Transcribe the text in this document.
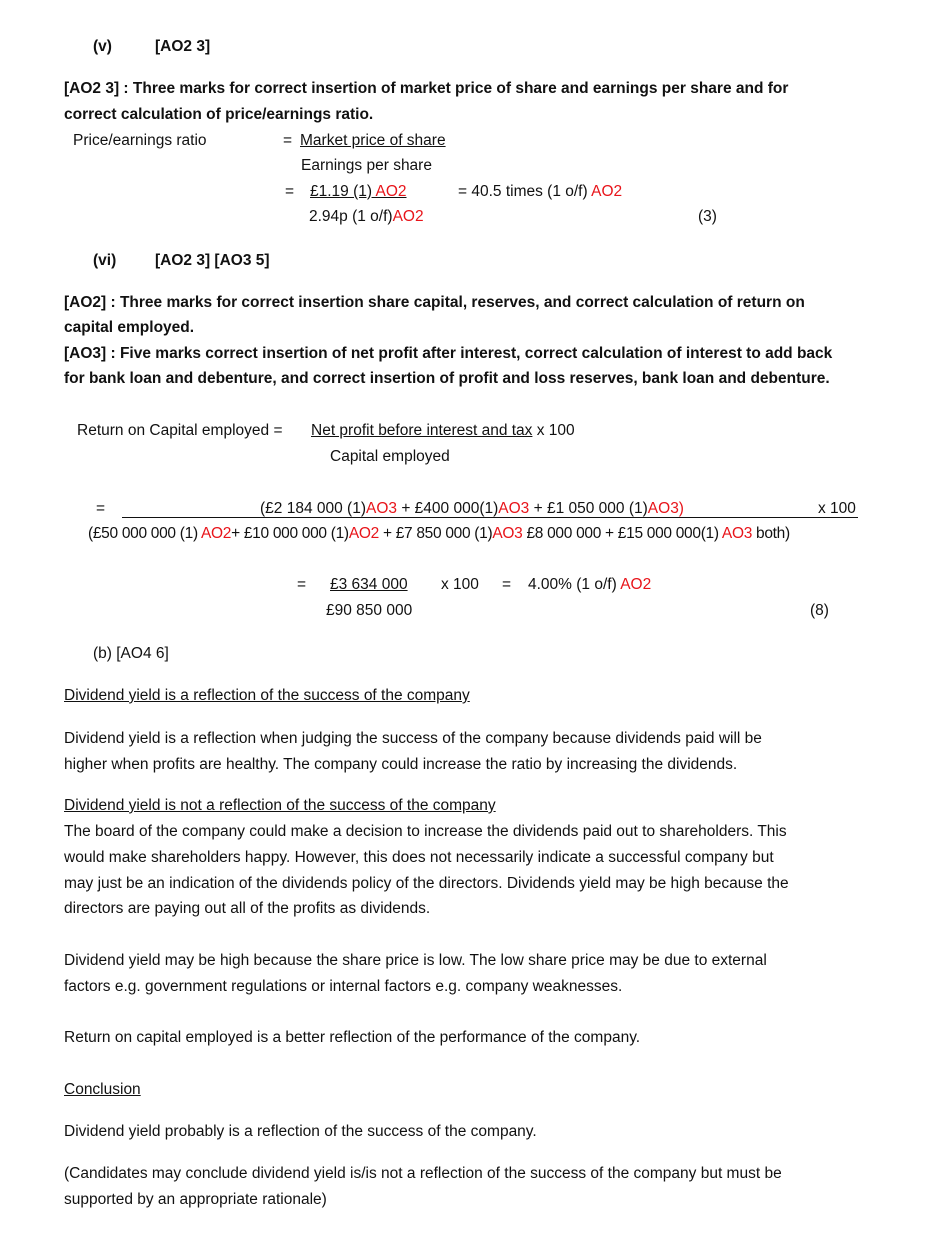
(v)	[AO2 3]
[AO2 3] : Three marks for correct insertion of market price of share and earnings per share and for
correct calculation of price/earnings ratio.
Price/earnings ratio	= Market price of share
Earnings per share
= £1.19 (1) AO2	= 40.5 times (1 o/f) AO2
2.94p (1 o/f)AO2	(3)
(vi)	[AO2 3] [AO3 5]
[AO2] : Three marks for correct insertion share capital, reserves, and correct calculation of return on
capital employed.
[AO3] : Five marks correct insertion of net profit after interest, correct calculation of interest to add back
for bank loan and debenture, and correct insertion of profit and loss reserves, bank loan and debenture.
Return on Capital employed = Net profit before interest and tax x 100
Capital employed
=	(£2 184 000 (1)AO3 + £400 000(1)AO3 + £1 050 000 (1)AO3)	x 100
(£50 000 000 (1) AO2+ £10 000 000 (1)AO2 + £7 850 000 (1)AO3 £8 000 000 + £15 000 000(1) AO3 both)
= £3 634 000 x 100 = 4.00% (1 o/f) AO2
£90 850 000	(8)
(b) [AO4 6]
Dividend yield is a reflection of the success of the company
Dividend yield is a reflection when judging the success of the company because dividends paid will be
higher when profits are healthy. The company could increase the ratio by increasing the dividends.
Dividend yield is not a reflection of the success of the company
The board of the company could make a decision to increase the dividends paid out to shareholders. This
would make shareholders happy. However, this does not necessarily indicate a successful company but
may just be an indication of the dividends policy of the directors. Dividends yield may be high because the
directors are paying out all of the profits as dividends.
Dividend yield may be high because the share price is low. The low share price may be due to external
factors e.g. government regulations or internal factors e.g. company weaknesses.
Return on capital employed is a better reflection of the performance of the company.
Conclusion
Dividend yield probably is a reflection of the success of the company.
(Candidates may conclude dividend yield is/is not a reflection of the success of the company but must be
supported by an appropriate rationale)
